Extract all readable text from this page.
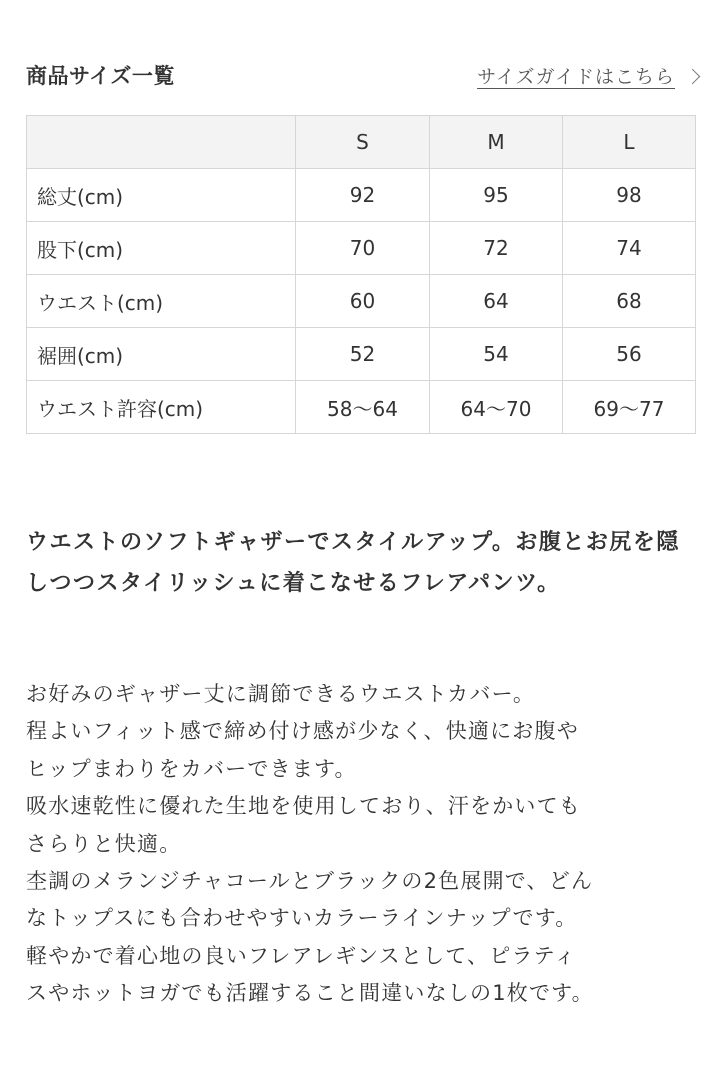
商品サイズ一覧	サイズガイドはこちら
	S	M	L
総丈(cm)	92	95	98
股下(cm)	70	72	74
ウエスト(cm)	60	64	68
裾囲(cm)	52	54	56
ウエスト許容(cm)	58〜64	64〜70	69〜77
ウエストのソフトギャザーでスタイルアップ。お腹とお尻を隠しつつスタイリッシュに着こなせるフレアパンツ。
お好みのギャザー丈に調節できるウエストカバー。
程よいフィット感で締め付け感が少なく、快適にお腹や
ヒップまわりをカバーできます。
吸水速乾性に優れた生地を使用しており、汗をかいても
さらりと快適。
杢調のメランジチャコールとブラックの2色展開で、どん
なトップスにも合わせやすいカラーラインナップです。
軽やかで着心地の良いフレアレギンスとして、ピラティ
スやホットヨガでも活躍すること間違いなしの1枚です。
